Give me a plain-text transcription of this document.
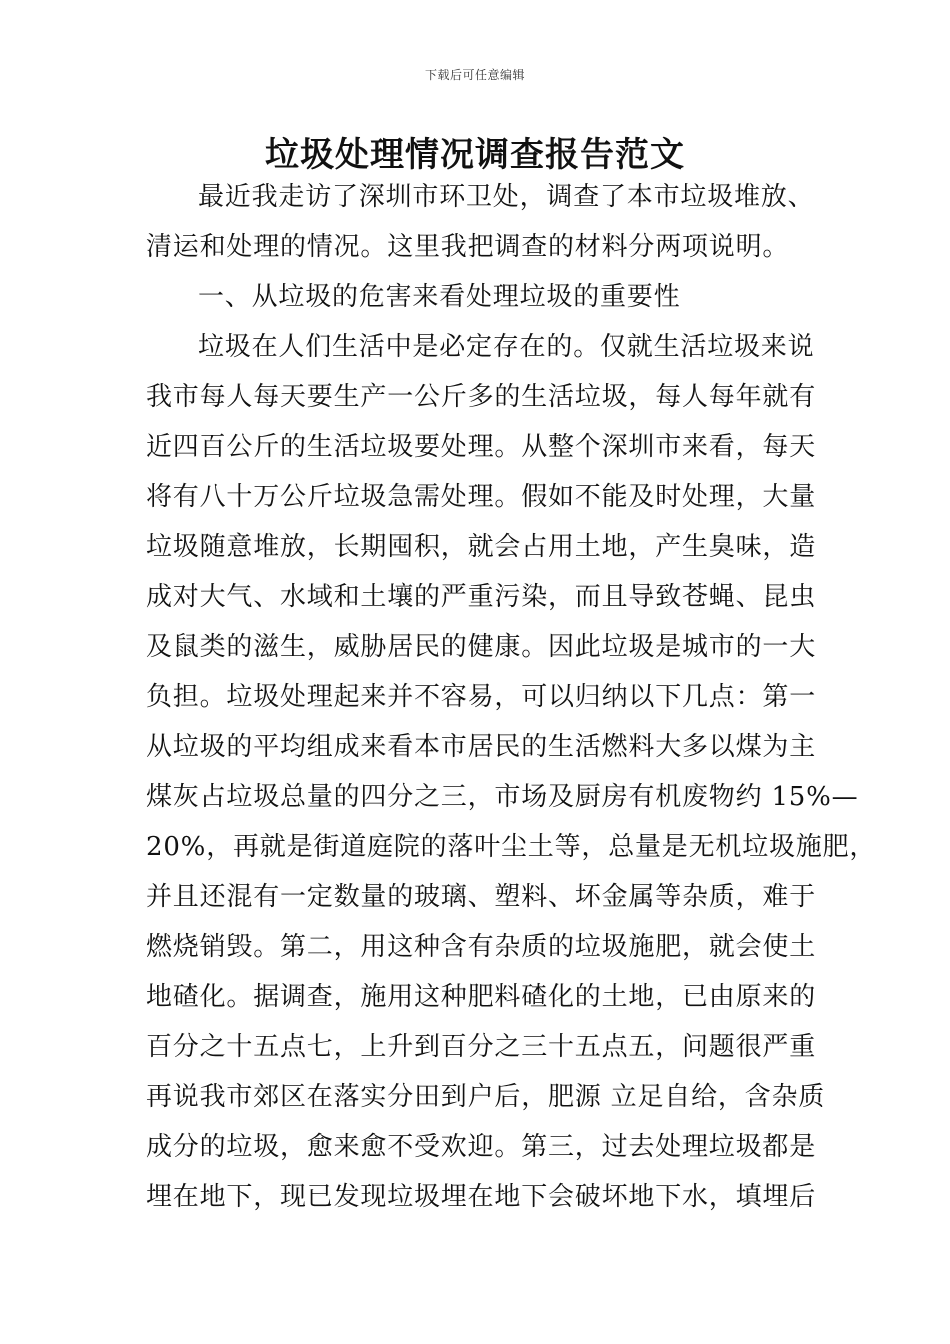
下载后可任意编辑
垃圾处理情况调查报告范文
最近我走访了深圳市环卫处，调查了本市垃圾堆放、
清运和处理的情况。这里我把调查的材料分两项说明。
一、从垃圾的危害来看处理垃圾的重要性
垃圾在人们生活中是必定存在的。仅就生活垃圾来说
我市每人每天要生产一公斤多的生活垃圾，每人每年就有
近四百公斤的生活垃圾要处理。从整个深圳市来看，每天
将有八十万公斤垃圾急需处理。假如不能及时处理，大量
垃圾随意堆放，长期囤积，就会占用土地，产生臭味，造
成对大气、水域和土壤的严重污染，而且导致苍蝇、昆虫
及鼠类的滋生，威胁居民的健康。因此垃圾是城市的一大
负担。垃圾处理起来并不容易，可以归纳以下几点：第一
从垃圾的平均组成来看本市居民的生活燃料大多以煤为主
煤灰占垃圾总量的四分之三，市场及厨房有机废物约 15%—
20%，再就是街道庭院的落叶尘土等，总量是无机垃圾施肥，
并且还混有一定数量的玻璃、塑料、坏金属等杂质，难于
燃烧销毁。第二，用这种含有杂质的垃圾施肥，就会使土
地碴化。据调查，施用这种肥料碴化的土地，已由原来的
百分之十五点七，上升到百分之三十五点五，问题很严重
再说我市郊区在落实分田到户后，肥源 立足自给，含杂质
成分的垃圾，愈来愈不受欢迎。第三，过去处理垃圾都是
埋在地下，现已发现垃圾埋在地下会破坏地下水，填埋后
